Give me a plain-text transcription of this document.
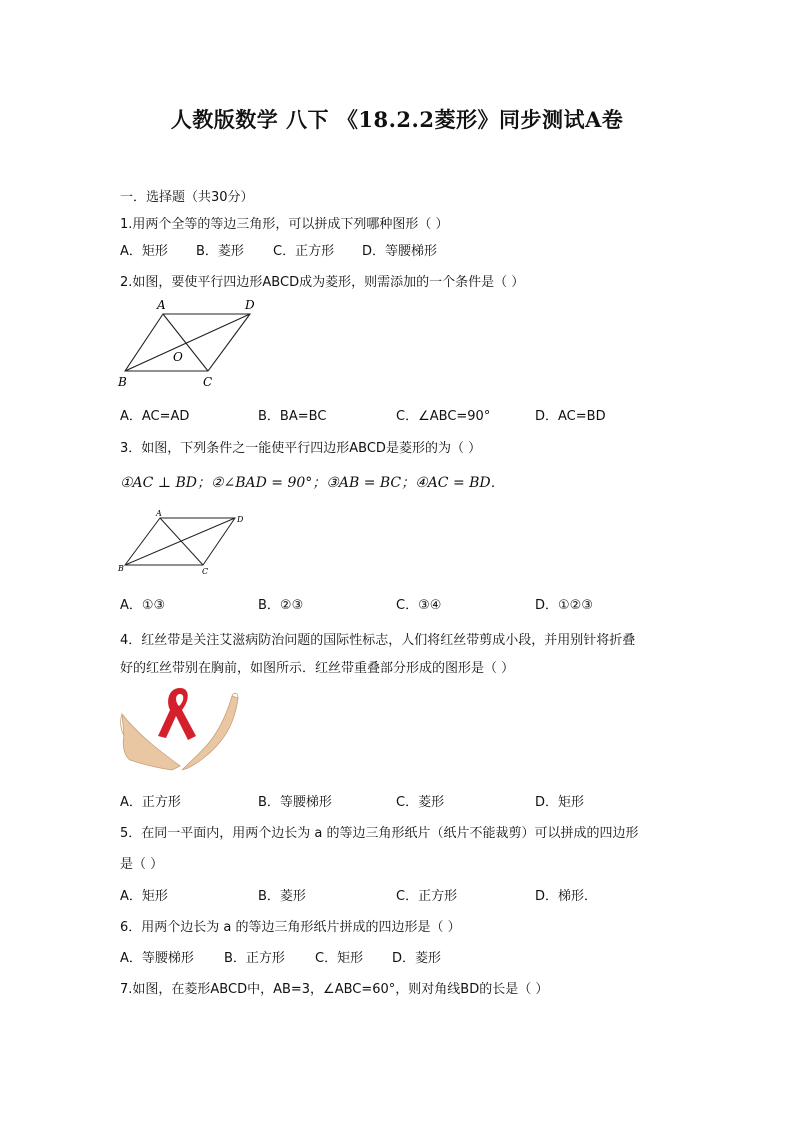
人教版数学 八下 《18.2.2菱形》同步测试A卷
一．选择题（共30分）
1.用两个全等的等边三角形，可以拼成下列哪种图形（ ）
A．矩形 B．菱形 C．正方形 D．等腰梯形
2.如图，要使平行四边形ABCD成为菱形，则需添加的一个条件是（ ）
A	D
O
B	C
A．AC=AD	B．BA=BC	C．∠ABC=90°	D．AC=BD
3．如图，下列条件之一能使平行四边形ABCD是菱形的为（ ）
①AC ⊥ BD；②∠BAD = 90°；③AB = BC；④AC = BD．
A
D
B	C
A．①③	B．②③	C．③④	D．①②③
4．红丝带是关注艾滋病防治问题的国际性标志，人们将红丝带剪成小段，并用别针将折叠
好的红丝带别在胸前，如图所示．红丝带重叠部分形成的图形是（ ）
A．正方形	B．等腰梯形	C．菱形	D．矩形
5．在同一平面内，用两个边长为 a 的等边三角形纸片（纸片不能裁剪）可以拼成的四边形
是（ ）
A．矩形	B．菱形	C．正方形	D．梯形．
6．用两个边长为 a 的等边三角形纸片拼成的四边形是（ ）
A．等腰梯形 B．正方形 C．矩形 D．菱形
7.如图，在菱形ABCD中，AB=3，∠ABC=60°，则对角线BD的长是（ ）
